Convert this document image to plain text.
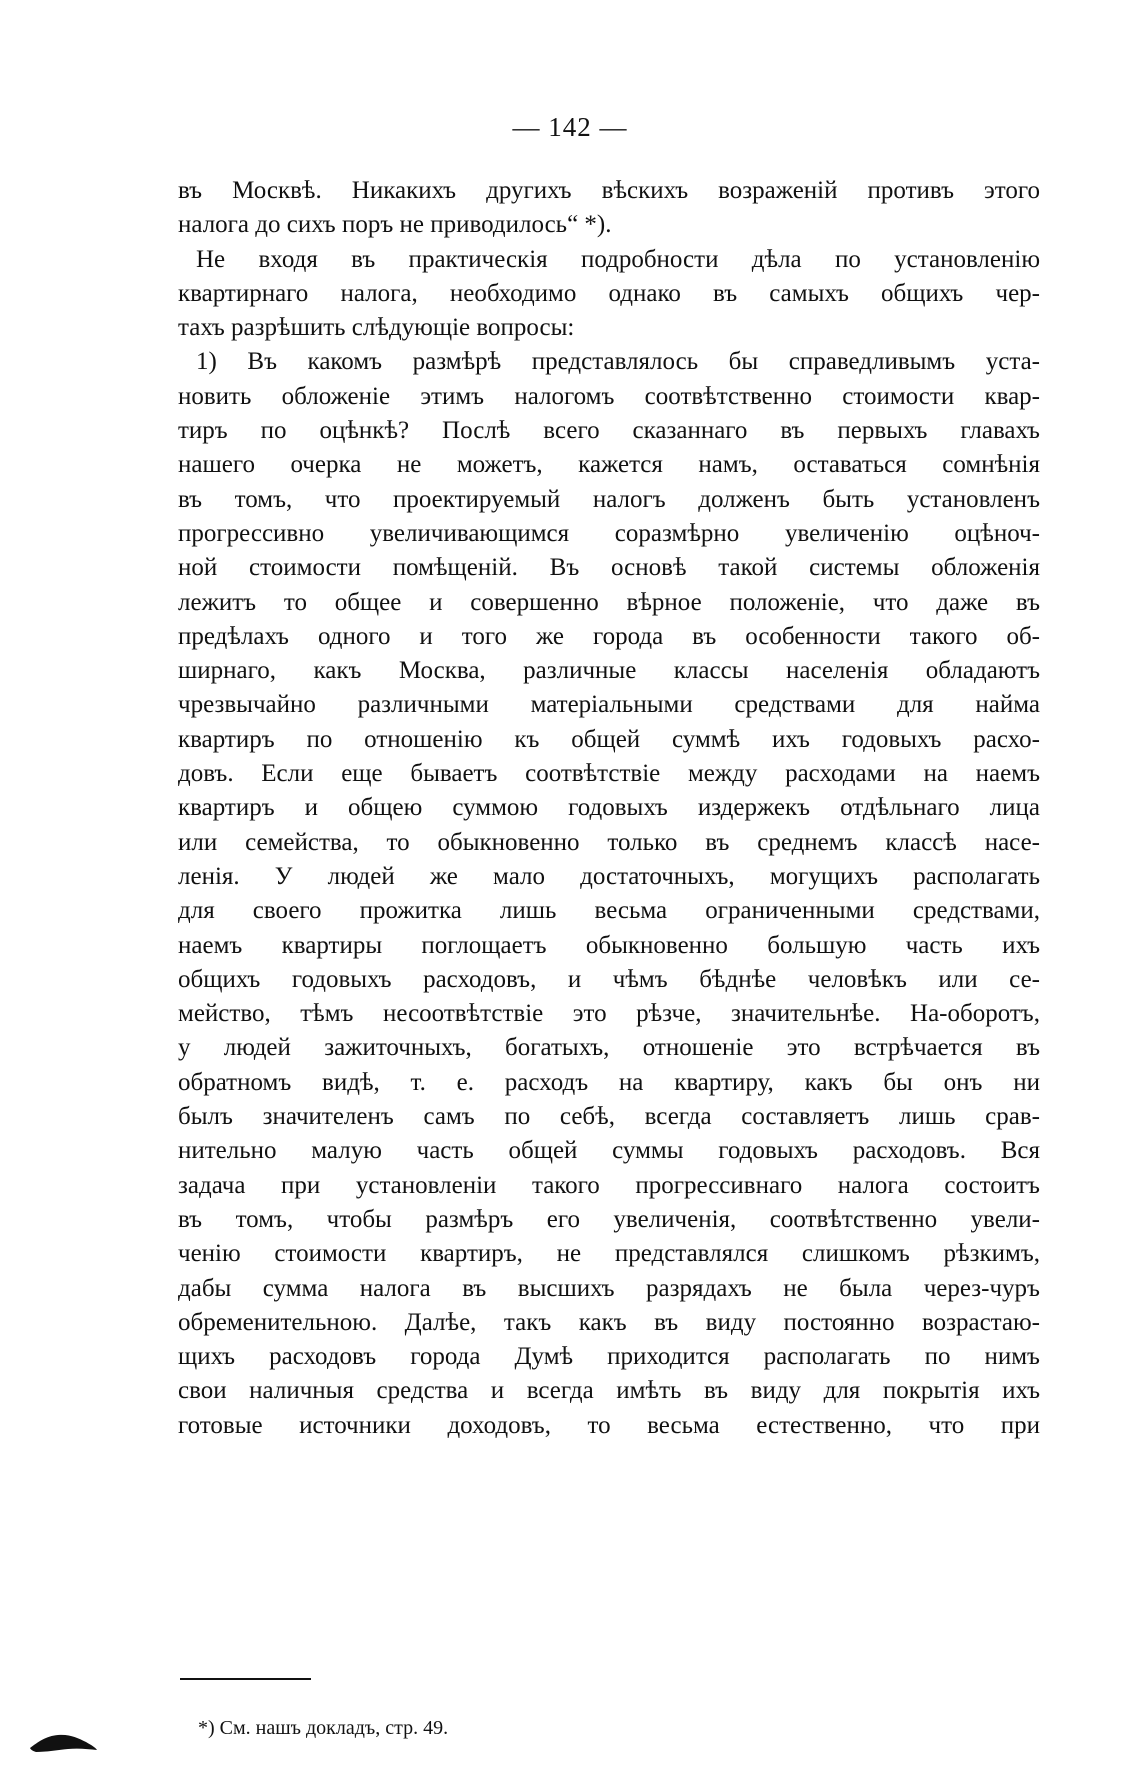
— 142 —
въ Москвѣ. Никакихъ другихъ вѣскихъ возраженій противъ этого
налога до сихъ поръ не приводилось“ *).
Не входя въ практическія подробности дѣла по установленію
квартирнаго налога, необходимо однако въ самыхъ общихъ чер-
тахъ разрѣшить слѣдующіе вопросы:
1) Въ какомъ размѣрѣ представлялось бы справедливымъ уста-
новить обложеніе этимъ налогомъ соотвѣтственно стоимости квар-
тиръ по оцѣнкѣ? Послѣ всего сказаннаго въ первыхъ главахъ
нашего очерка не можетъ, кажется намъ, оставаться сомнѣнія
въ томъ, что проектируемый налогъ долженъ быть установленъ
прогрессивно увеличивающимся соразмѣрно увеличенію оцѣноч-
ной стоимости помѣщеній. Въ основѣ такой системы обложенія
лежитъ то общее и совершенно вѣрное положеніе, что даже въ
предѣлахъ одного и того же города въ особенности такого об-
ширнаго, какъ Москва, различные классы населенія обладаютъ
чрезвычайно различными матеріальными средствами для найма
квартиръ по отношенію къ общей суммѣ ихъ годовыхъ расхо-
довъ. Если еще бываетъ соотвѣтствіе между расходами на наемъ
квартиръ и общею суммою годовыхъ издержекъ отдѣльнаго лица
или семейства, то обыкновенно только въ среднемъ классѣ насе-
ленія. У людей же мало достаточныхъ, могущихъ располагать
для своего прожитка лишь весьма ограниченными средствами,
наемъ квартиры поглощаетъ обыкновенно большую часть ихъ
общихъ годовыхъ расходовъ, и чѣмъ бѣднѣе человѣкъ или се-
мейство, тѣмъ несоотвѣтствіе это рѣзче, значительнѣе. На-оборотъ,
у людей зажиточныхъ, богатыхъ, отношеніе это встрѣчается въ
обратномъ видѣ, т. е. расходъ на квартиру, какъ бы онъ ни
былъ значителенъ самъ по себѣ, всегда составляетъ лишь срав-
нительно малую часть общей суммы годовыхъ расходовъ. Вся
задача при установленіи такого прогрессивнаго налога состоитъ
въ томъ, чтобы размѣръ его увеличенія, соотвѣтственно увели-
ченію стоимости квартиръ, не представлялся слишкомъ рѣзкимъ,
дабы сумма налога въ высшихъ разрядахъ не была через-чуръ
обременительною. Далѣе, такъ какъ въ виду постоянно возрастаю-
щихъ расходовъ города Думѣ приходится располагать по нимъ
свои наличныя средства и всегда имѣть въ виду для покрытія ихъ
готовые источники доходовъ, то весьма естественно, что при
*) См. нашъ докладъ, стр. 49.
